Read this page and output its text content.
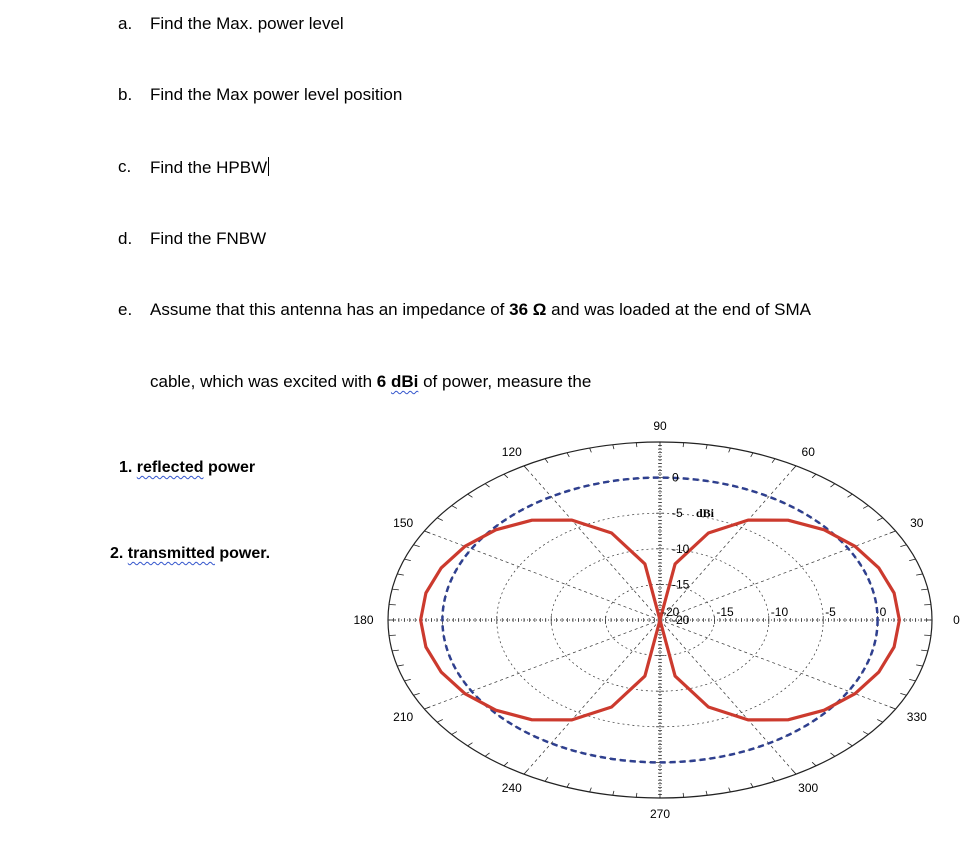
a. Find the Max. power level
b. Find the Max power level position
c. Find the HPBW
d. Find the FNBW
e. Assume that this antenna has an impedance of 36 Ω and was loaded at the end of SMA
cable, which was excited with 6 dBi of power, measure the
1. reflected power
2. transmitted power.
0
30
60
90
120
150
180
210
240
270
300
330
0
-5
-10
-15
-20
0
-5
-10
-15
-20
dBi
